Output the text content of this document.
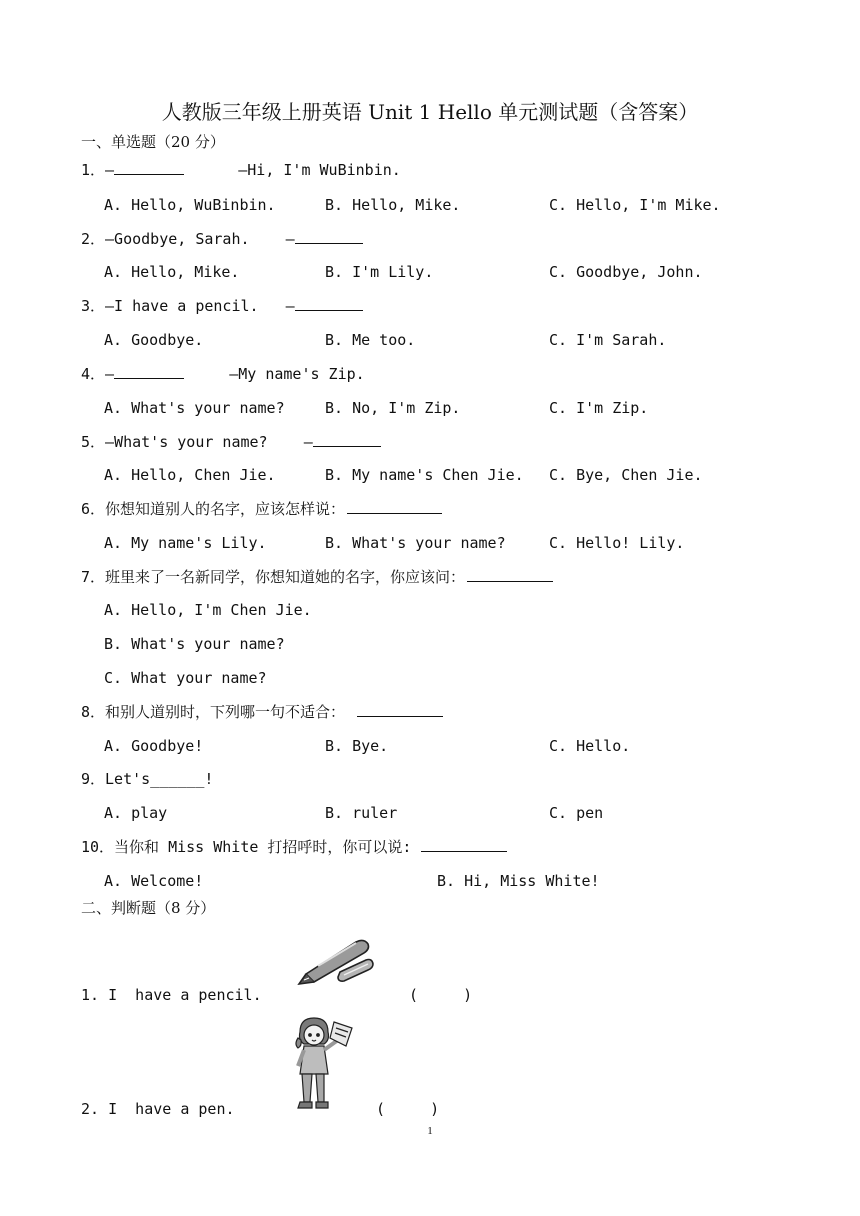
人教版三年级上册英语 Unit 1 Hello 单元测试题（含答案）
一、单选题（20 分）
1．—	—Hi, I'm WuBinbin.
A. Hello, WuBinbin.	B. Hello, Mike.	C. Hello, I'm Mike.
2．—Goodbye, Sarah.    —
A. Hello, Mike.	B. I'm Lily.	C. Goodbye, John.
3．—I have a pencil.   —
A. Goodbye.	B. Me too.	C. I'm Sarah.
4．—	—My name's Zip.
A. What's your name?	B. No, I'm Zip.	C. I'm Zip.
5．—What's your name?    —
A. Hello, Chen Jie.	B. My name's Chen Jie. C. Bye, Chen Jie.
6．你想知道别人的名字，应该怎样说：
A. My name's Lily.	B. What's your name?	C. Hello! Lily.
7．班里来了一名新同学，你想知道她的名字，你应该问：
A. Hello, I'm Chen Jie.
B. What's your name?
C. What your name?
8．和别人道别时，下列哪一句不适合：
A. Goodbye!	B. Bye.	C. Hello.
9．Let's______!
A. play	B. ruler	C. pen
10．当你和 Miss White 打招呼时，你可以说:
A. Welcome!	B. Hi, Miss White!
二、判断题（8 分）
1. I  have a pencil.	(     )
2. I  have a pen.	(     )
1
